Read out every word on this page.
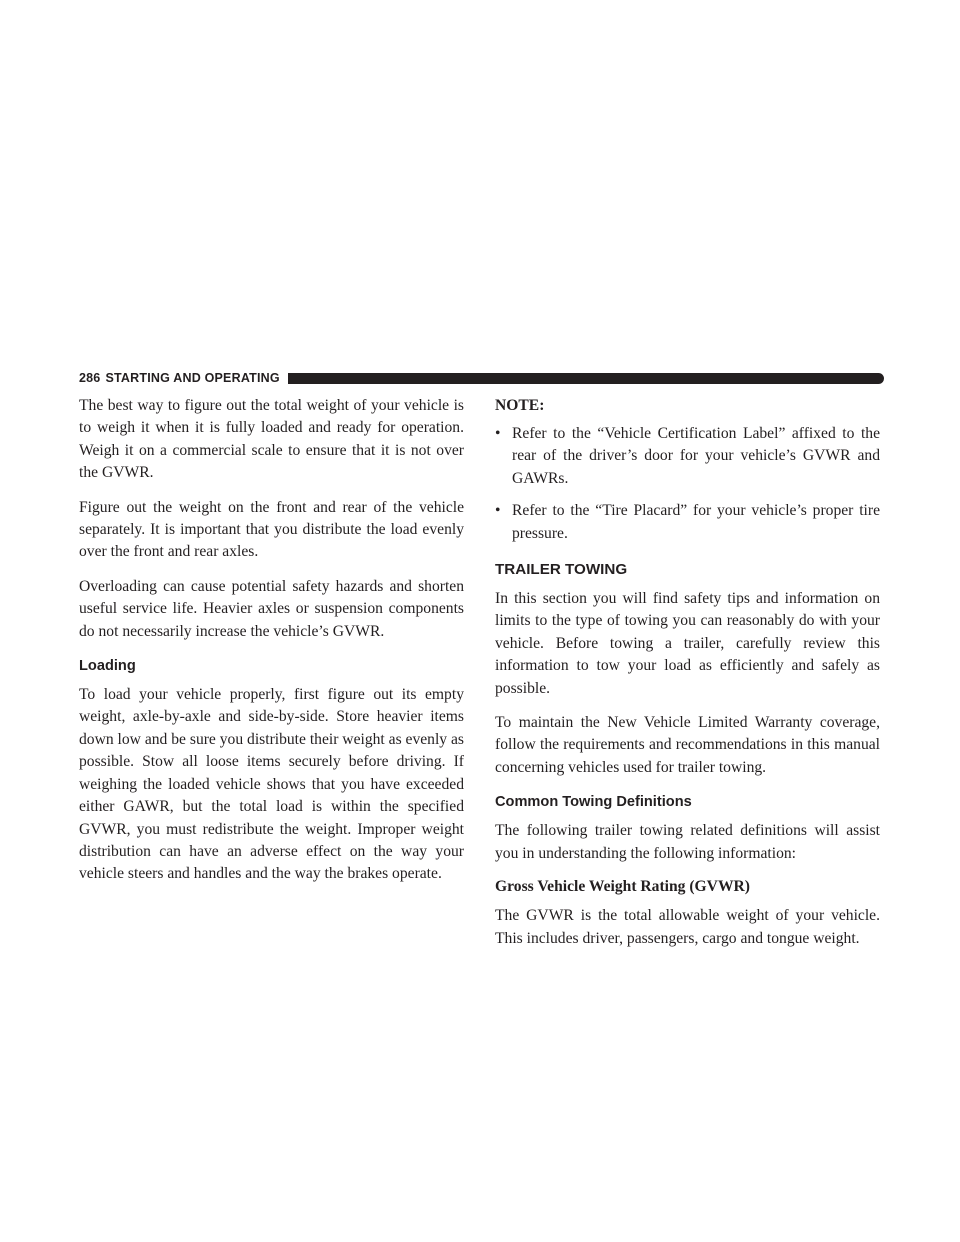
286 STARTING AND OPERATING

The best way to figure out the total weight of your vehicle is to weigh it when it is fully loaded and ready for operation. Weigh it on a commercial scale to ensure that it is not over the GVWR.

Figure out the weight on the front and rear of the vehicle separately. It is important that you distribute the load evenly over the front and rear axles.

Overloading can cause potential safety hazards and shorten useful service life. Heavier axles or suspension components do not necessarily increase the vehicle’s GVWR.

Loading

To load your vehicle properly, first figure out its empty weight, axle-by-axle and side-by-side. Store heavier items down low and be sure you distribute their weight as evenly as possible. Stow all loose items securely before driving. If weighing the loaded vehicle shows that you have exceeded either GAWR, but the total load is within the specified GVWR, you must redistribute the weight. Improper weight distribution can have an adverse effect on the way your vehicle steers and handles and the way the brakes operate.

NOTE:
• Refer to the “Vehicle Certification Label” affixed to the rear of the driver’s door for your vehicle’s GVWR and GAWRs.
• Refer to the “Tire Placard” for your vehicle’s proper tire pressure.
TRAILER TOWING

In this section you will find safety tips and information on limits to the type of towing you can reasonably do with your vehicle. Before towing a trailer, carefully review this information to tow your load as efficiently and safely as possible.

To maintain the New Vehicle Limited Warranty coverage, follow the requirements and recommendations in this manual concerning vehicles used for trailer towing.

Common Towing Definitions

The following trailer towing related definitions will assist you in understanding the following information:

Gross Vehicle Weight Rating (GVWR)

The GVWR is the total allowable weight of your vehicle. This includes driver, passengers, cargo and tongue weight.
